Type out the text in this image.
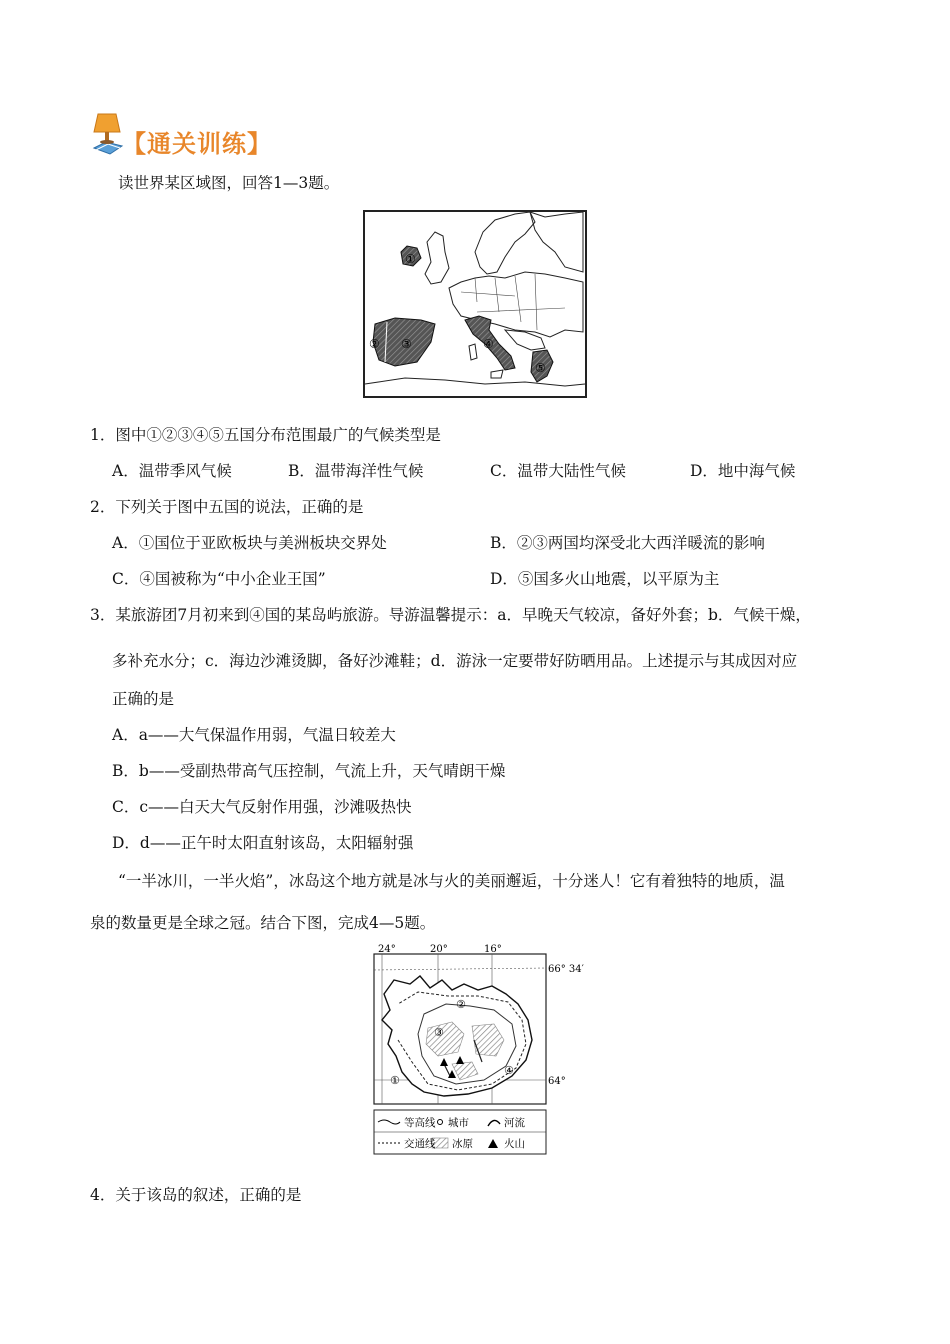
【通关训练】
读世界某区域图，回答1—3题。
①
② ③	④
⑤
1．图中①②③④⑤五国分布范围最广的气候类型是
A．温带季风气候	B．温带海洋性气候	C．温带大陆性气候	D．地中海气候
2．下列关于图中五国的说法，正确的是
A．①国位于亚欧板块与美洲板块交界处	B．②③两国均深受北大西洋暖流的影响
C．④国被称为“中小企业王国”	D．⑤国多火山地震，以平原为主
3．某旅游团7月初来到④国的某岛屿旅游。导游温馨提示：a．早晚天气较凉，备好外套；b．气候干燥，
多补充水分；c．海边沙滩烫脚，备好沙滩鞋；d．游泳一定要带好防晒用品。上述提示与其成因对应
正确的是
A．a——大气保温作用弱，气温日较差大
B．b——受副热带高气压控制，气流上升，天气晴朗干燥
C．c——白天大气反射作用强，沙滩吸热快
D．d——正午时太阳直射该岛，太阳辐射强
“一半冰川，一半火焰”，冰岛这个地方就是冰与火的美丽邂逅，十分迷人！它有着独特的地质，温
泉的数量更是全球之冠。结合下图，完成4—5题。
24°	20°	16°
66° 34′
64°
①
②
③
④
等高线 城市	河流
交通线 冰原	火山
4．关于该岛的叙述，正确的是
